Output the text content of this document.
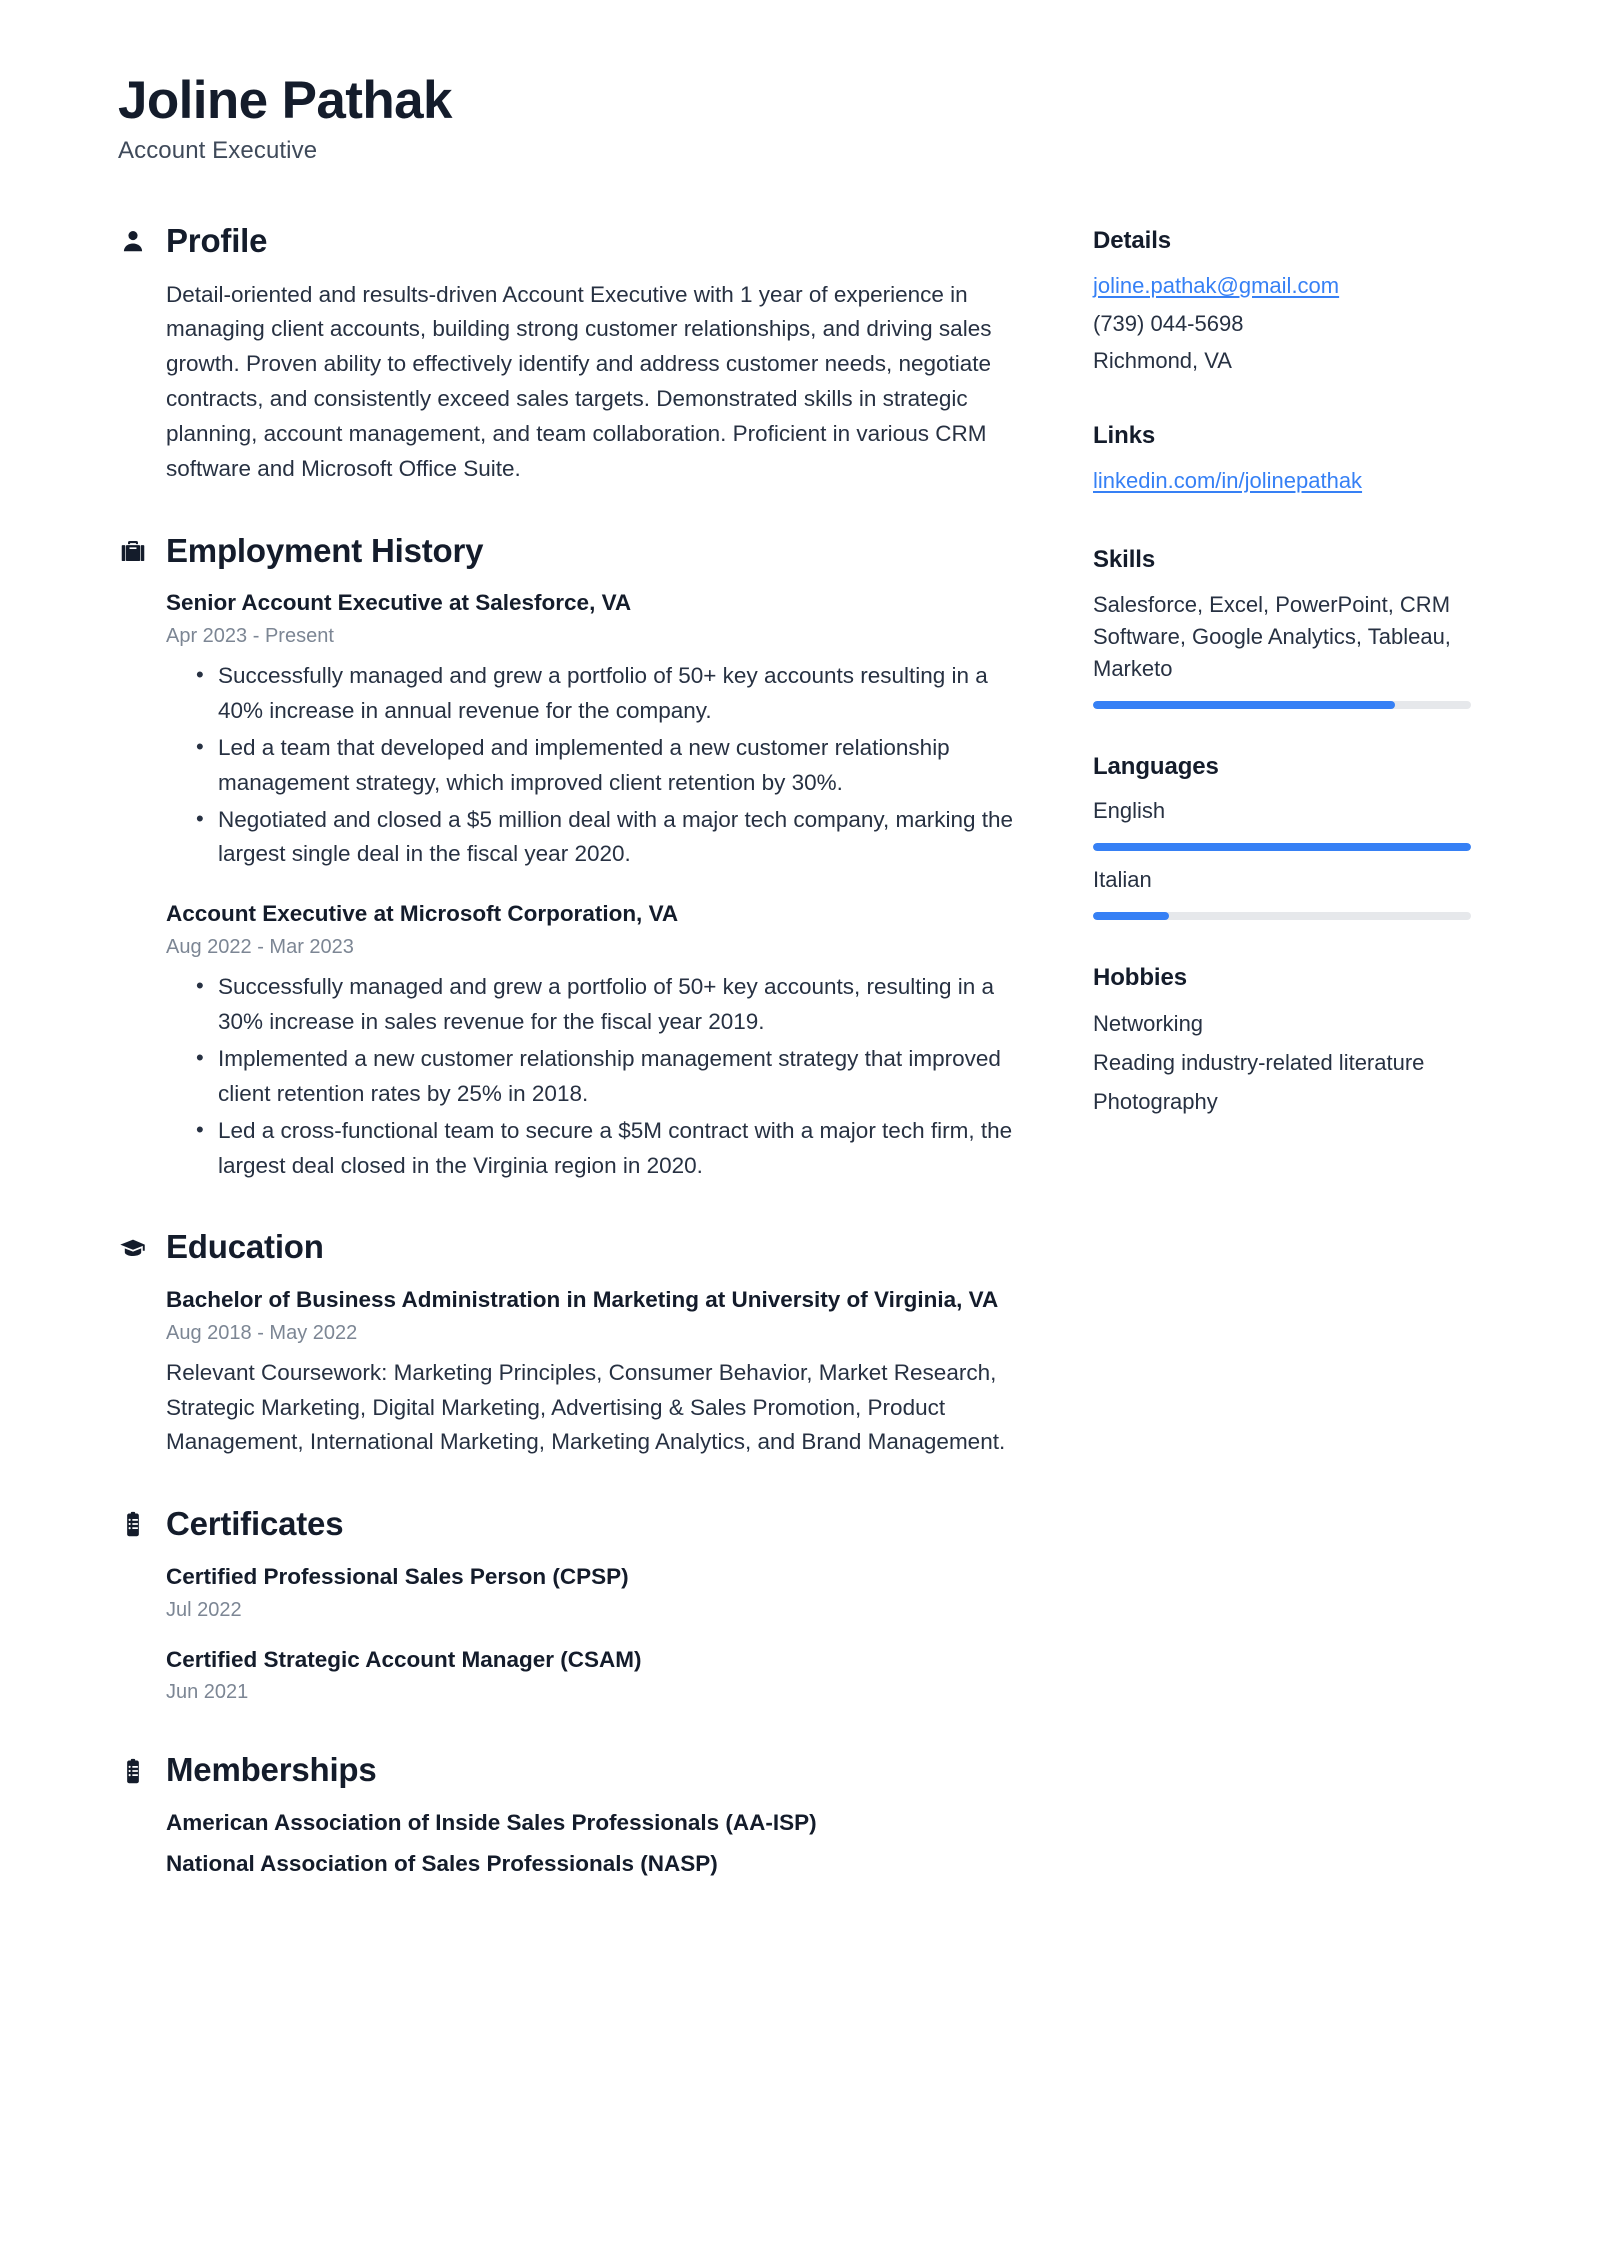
Joline Pathak
Account Executive
Profile

Detail-oriented and results-driven Account Executive with 1 year of experience in managing client accounts, building strong customer relationships, and driving sales growth. Proven ability to effectively identify and address customer needs, negotiate contracts, and consistently exceed sales targets. Demonstrated skills in strategic planning, account management, and team collaboration. Proficient in various CRM software and Microsoft Office Suite.

Employment History
Senior Account Executive at Salesforce, VA
Apr 2023 - Present
• Successfully managed and grew a portfolio of 50+ key accounts resulting in a 40% increase in annual revenue for the company.
• Led a team that developed and implemented a new customer relationship management strategy, which improved client retention by 30%.
• Negotiated and closed a $5 million deal with a major tech company, marking the largest single deal in the fiscal year 2020.
Account Executive at Microsoft Corporation, VA
Aug 2022 - Mar 2023
• Successfully managed and grew a portfolio of 50+ key accounts, resulting in a 30% increase in sales revenue for the fiscal year 2019.
• Implemented a new customer relationship management strategy that improved client retention rates by 25% in 2018.
• Led a cross-functional team to secure a $5M contract with a major tech firm, the largest deal closed in the Virginia region in 2020.
Education
Bachelor of Business Administration in Marketing at University of Virginia, VA
Aug 2018 - May 2022
Relevant Coursework: Marketing Principles, Consumer Behavior, Market Research, Strategic Marketing, Digital Marketing, Advertising & Sales Promotion, Product Management, International Marketing, Marketing Analytics, and Brand Management.
Certificates
Certified Professional Sales Person (CPSP)
Jul 2022
Certified Strategic Account Manager (CSAM)
Jun 2021
Memberships
American Association of Inside Sales Professionals (AA-ISP)
National Association of Sales Professionals (NASP)
Details
joline.pathak@gmail.com
(739) 044-5698
Richmond, VA
Links
linkedin.com/in/jolinepathak
Skills
Salesforce, Excel, PowerPoint, CRM Software, Google Analytics, Tableau, Marketo
Languages
English
Italian
Hobbies
Networking
Reading industry-related literature
Photography
